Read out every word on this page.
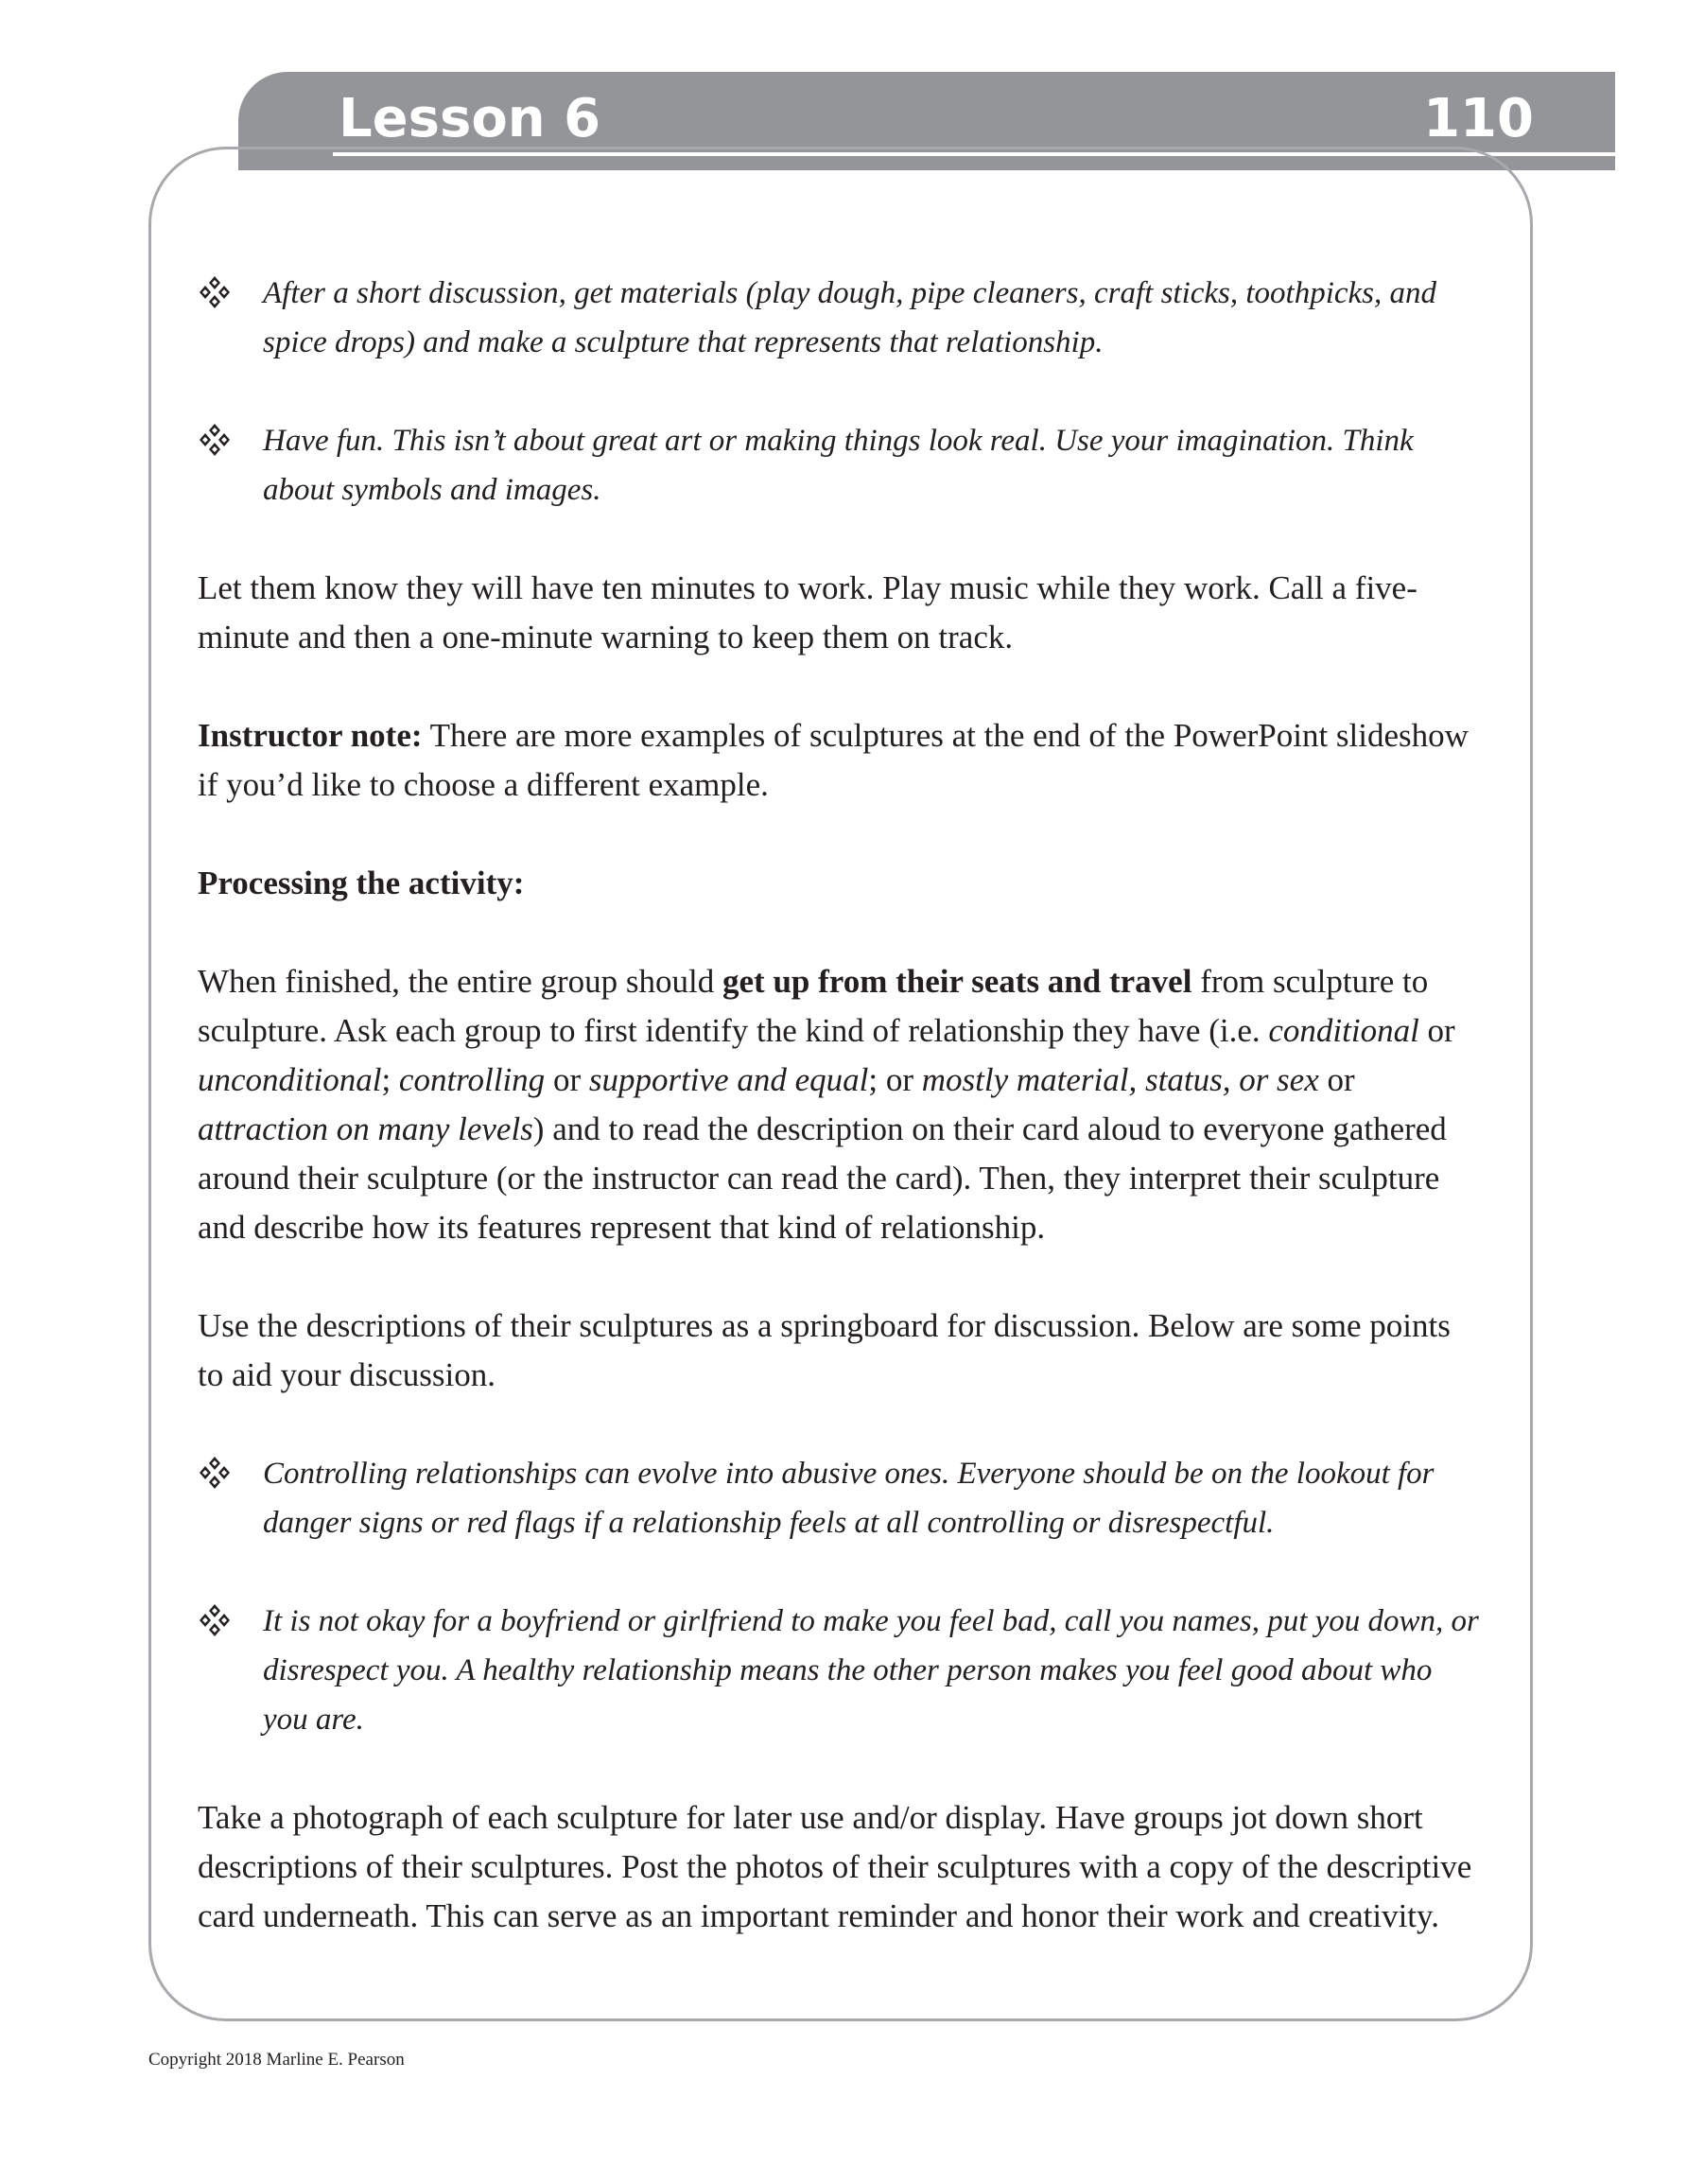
Lesson 6	110

After a short discussion, get materials (play dough, pipe cleaners, craft sticks, toothpicks, and spice drops) and make a sculpture that represents that relationship.

Have fun. This isn’t about great art or making things look real. Use your imagination. Think about symbols and images.

Let them know they will have ten minutes to work. Play music while they work. Call a five-minute and then a one-minute warning to keep them on track.

Instructor note: There are more examples of sculptures at the end of the PowerPoint slideshow if you’d like to choose a different example.

Processing the activity:

When finished, the entire group should get up from their seats and travel from sculpture to sculpture. Ask each group to first identify the kind of relationship they have (i.e. conditional or unconditional; controlling or supportive and equal; or mostly material, status, or sex or attraction on many levels) and to read the description on their card aloud to everyone gathered around their sculpture (or the instructor can read the card). Then, they interpret their sculpture and describe how its features represent that kind of relationship.

Use the descriptions of their sculptures as a springboard for discussion. Below are some points to aid your discussion.

Controlling relationships can evolve into abusive ones. Everyone should be on the lookout for danger signs or red flags if a relationship feels at all controlling or disrespectful.

It is not okay for a boyfriend or girlfriend to make you feel bad, call you names, put you down, or disrespect you. A healthy relationship means the other person makes you feel good about who you are.

Take a photograph of each sculpture for later use and/or display. Have groups jot down short descriptions of their sculptures. Post the photos of their sculptures with a copy of the descriptive card underneath. This can serve as an important reminder and honor their work and creativity.

Copyright 2018 Marline E. Pearson
